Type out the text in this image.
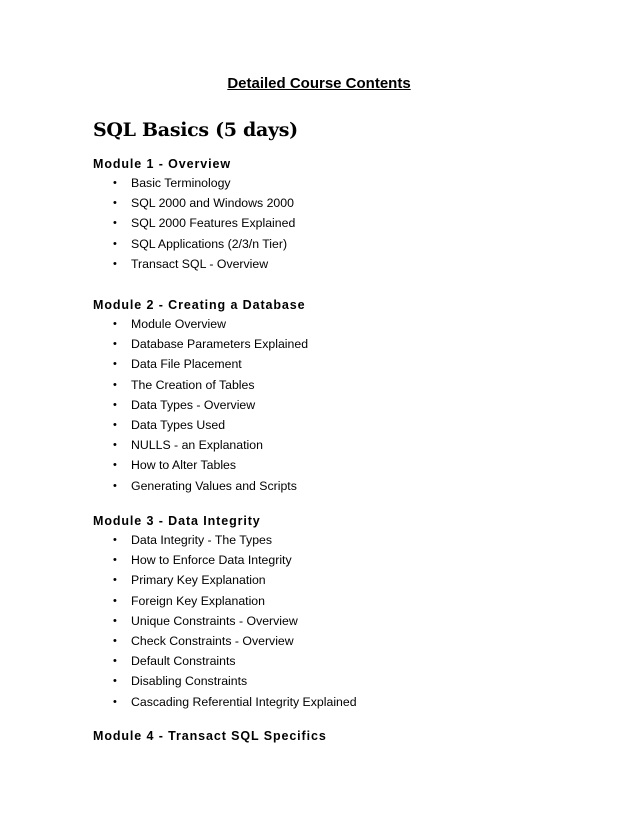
Detailed Course Contents
SQL Basics (5 days)
Module 1 - Overview
• Basic Terminology
• SQL 2000 and Windows 2000
• SQL 2000 Features Explained
• SQL Applications (2/3/n Tier)
• Transact SQL - Overview
Module 2 - Creating a Database
• Module Overview
• Database Parameters Explained
• Data File Placement
• The Creation of Tables
• Data Types - Overview
• Data Types Used
• NULLS - an Explanation
• How to Alter Tables
• Generating Values and Scripts
Module 3 - Data Integrity
• Data Integrity - The Types
• How to Enforce Data Integrity
• Primary Key Explanation
• Foreign Key Explanation
• Unique Constraints - Overview
• Check Constraints - Overview
• Default Constraints
• Disabling Constraints
• Cascading Referential Integrity Explained
Module 4 - Transact SQL Specifics
